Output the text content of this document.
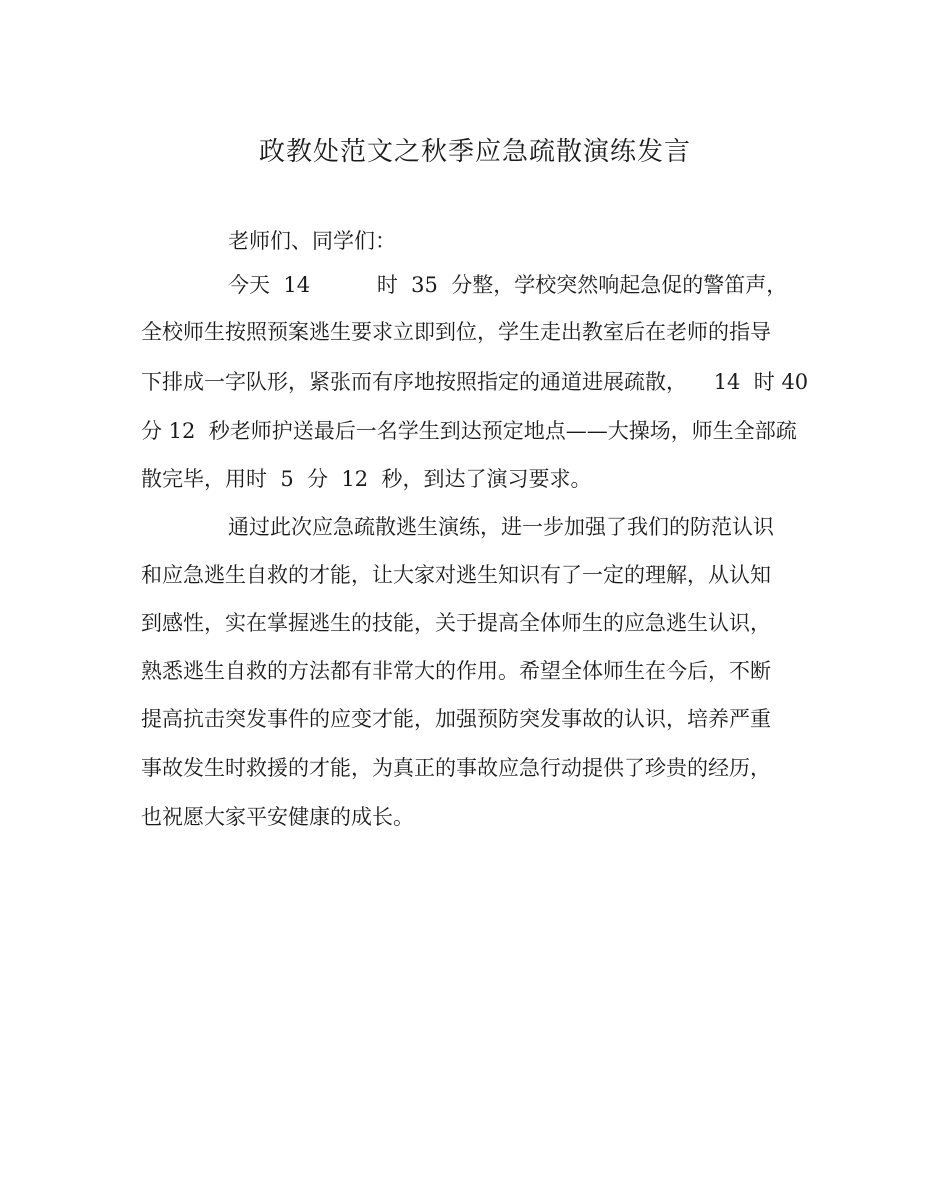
政教处范文之秋季应急疏散演练发言
老师们、同学们：
今天  14          时  35  分整，学校突然响起急促的警笛声，
全校师生按照预案逃生要求立即到位，学生走出教室后在老师的指导
下排成一字队形，紧张而有序地按照指定的通道进展疏散，    14  时 40
分 12  秒老师护送最后一名学生到达预定地点——大操场，师生全部疏
散完毕，用时  5  分  12  秒，到达了演习要求。
通过此次应急疏散逃生演练，进一步加强了我们的防范认识
和应急逃生自救的才能，让大家对逃生知识有了一定的理解，从认知
到感性，实在掌握逃生的技能，关于提高全体师生的应急逃生认识，
熟悉逃生自救的方法都有非常大的作用。希望全体师生在今后，不断
提高抗击突发事件的应变才能，加强预防突发事故的认识，培养严重
事故发生时救援的才能，为真正的事故应急行动提供了珍贵的经历，
也祝愿大家平安健康的成长。
